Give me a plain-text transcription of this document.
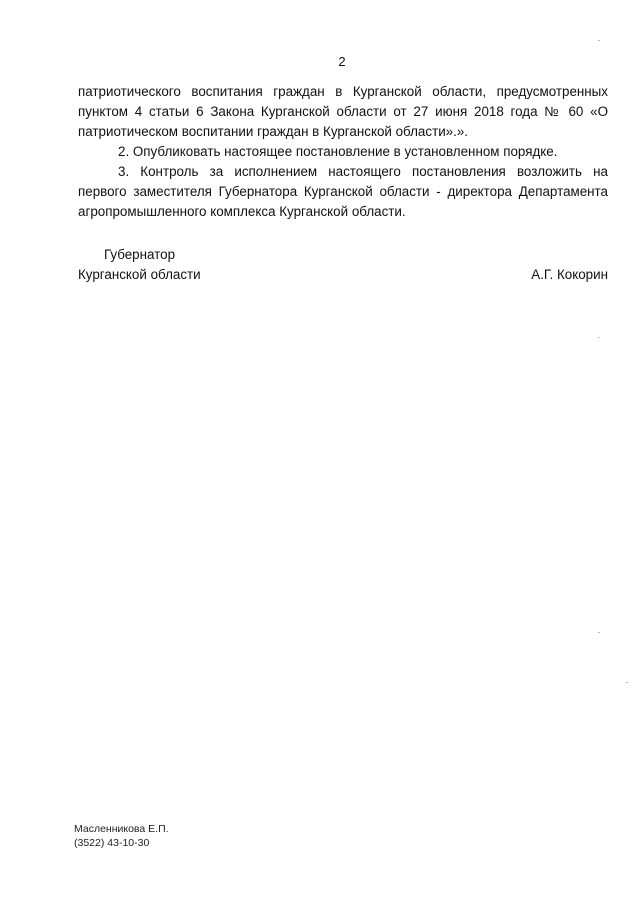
2

патриотического воспитания граждан в Курганской области, предусмотренных пунктом 4 статьи 6 Закона Курганской области от 27 июня 2018 года № 60 «О патриотическом воспитании граждан в Курганской области».».

2. Опубликовать настоящее постановление в установленном порядке.

3. Контроль за исполнением настоящего постановления возложить на первого заместителя Губернатора Курганской области - директора Департамента агропромышленного комплекса Курганской области.

Губернатор
Курганской области	А.Г. Кокорин
Масленникова Е.П.
(3522) 43-10-30
